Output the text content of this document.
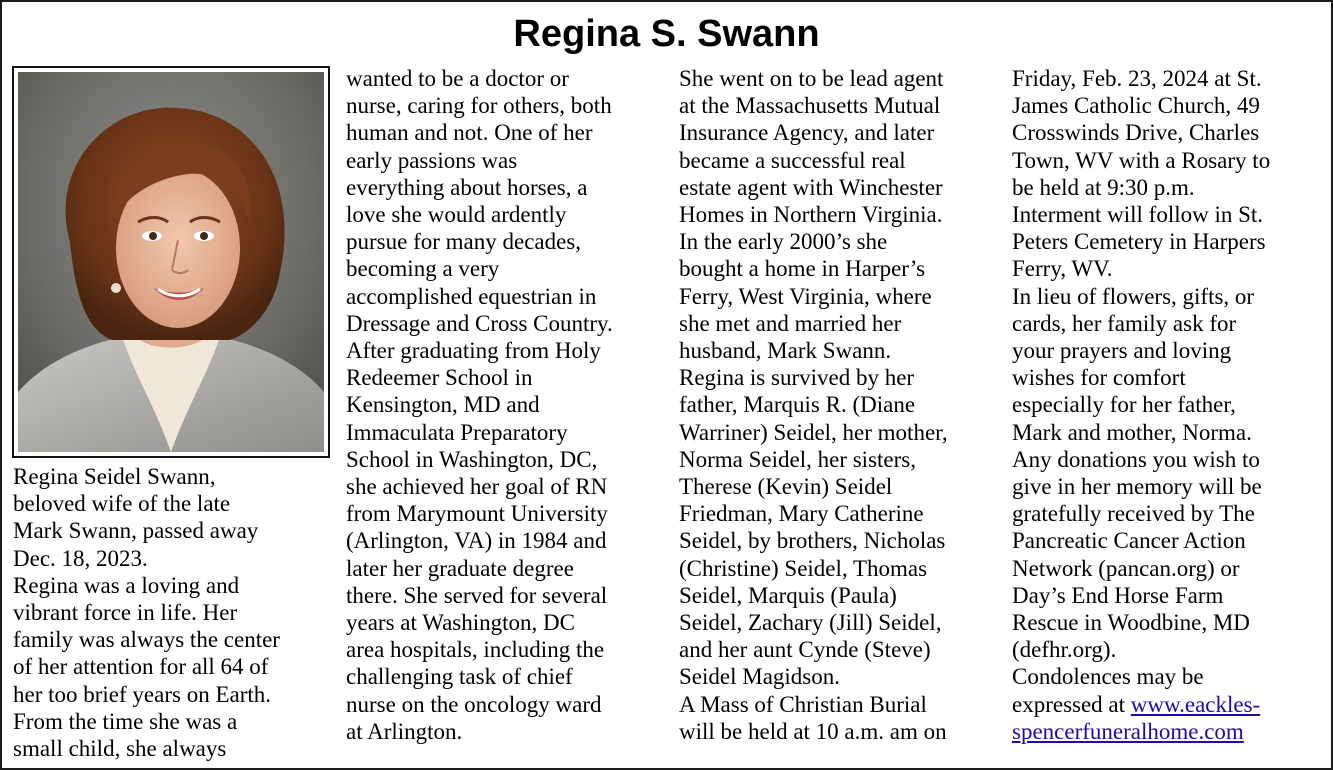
Regina S. Swann
Regina Seidel Swann,
beloved wife of the late
Mark Swann, passed away
Dec. 18, 2023.
Regina was a loving and
vibrant force in life. Her
family was always the center
of her attention for all 64 of
her too brief years on Earth.
From the time she was a
small child, she always
wanted to be a doctor or
nurse, caring for others, both
human and not. One of her
early passions was
everything about horses, a
love she would ardently
pursue for many decades,
becoming a very
accomplished equestrian in
Dressage and Cross Country.
After graduating from Holy
Redeemer School in
Kensington, MD and
Immaculata Preparatory
School in Washington, DC,
she achieved her goal of RN
from Marymount University
(Arlington, VA) in 1984 and
later her graduate degree
there. She served for several
years at Washington, DC
area hospitals, including the
challenging task of chief
nurse on the oncology ward
at Arlington.
She went on to be lead agent
at the Massachusetts Mutual
Insurance Agency, and later
became a successful real
estate agent with Winchester
Homes in Northern Virginia.
In the early 2000’s she
bought a home in Harper’s
Ferry, West Virginia, where
she met and married her
husband, Mark Swann.
Regina is survived by her
father, Marquis R. (Diane
Warriner) Seidel, her mother,
Norma Seidel, her sisters,
Therese (Kevin) Seidel
Friedman, Mary Catherine
Seidel, by brothers, Nicholas
(Christine) Seidel, Thomas
Seidel, Marquis (Paula)
Seidel, Zachary (Jill) Seidel,
and her aunt Cynde (Steve)
Seidel Magidson.
A Mass of Christian Burial
will be held at 10 a.m. am on
Friday, Feb. 23, 2024 at St.
James Catholic Church, 49
Crosswinds Drive, Charles
Town, WV with a Rosary to
be held at 9:30 p.m.
Interment will follow in St.
Peters Cemetery in Harpers
Ferry, WV.
In lieu of flowers, gifts, or
cards, her family ask for
your prayers and loving
wishes for comfort
especially for her father,
Mark and mother, Norma.
Any donations you wish to
give in her memory will be
gratefully received by The
Pancreatic Cancer Action
Network (pancan.org) or
Day’s End Horse Farm
Rescue in Woodbine, MD
(defhr.org).
Condolences may be
expressed at www.eackles-
spencerfuneralhome.com
